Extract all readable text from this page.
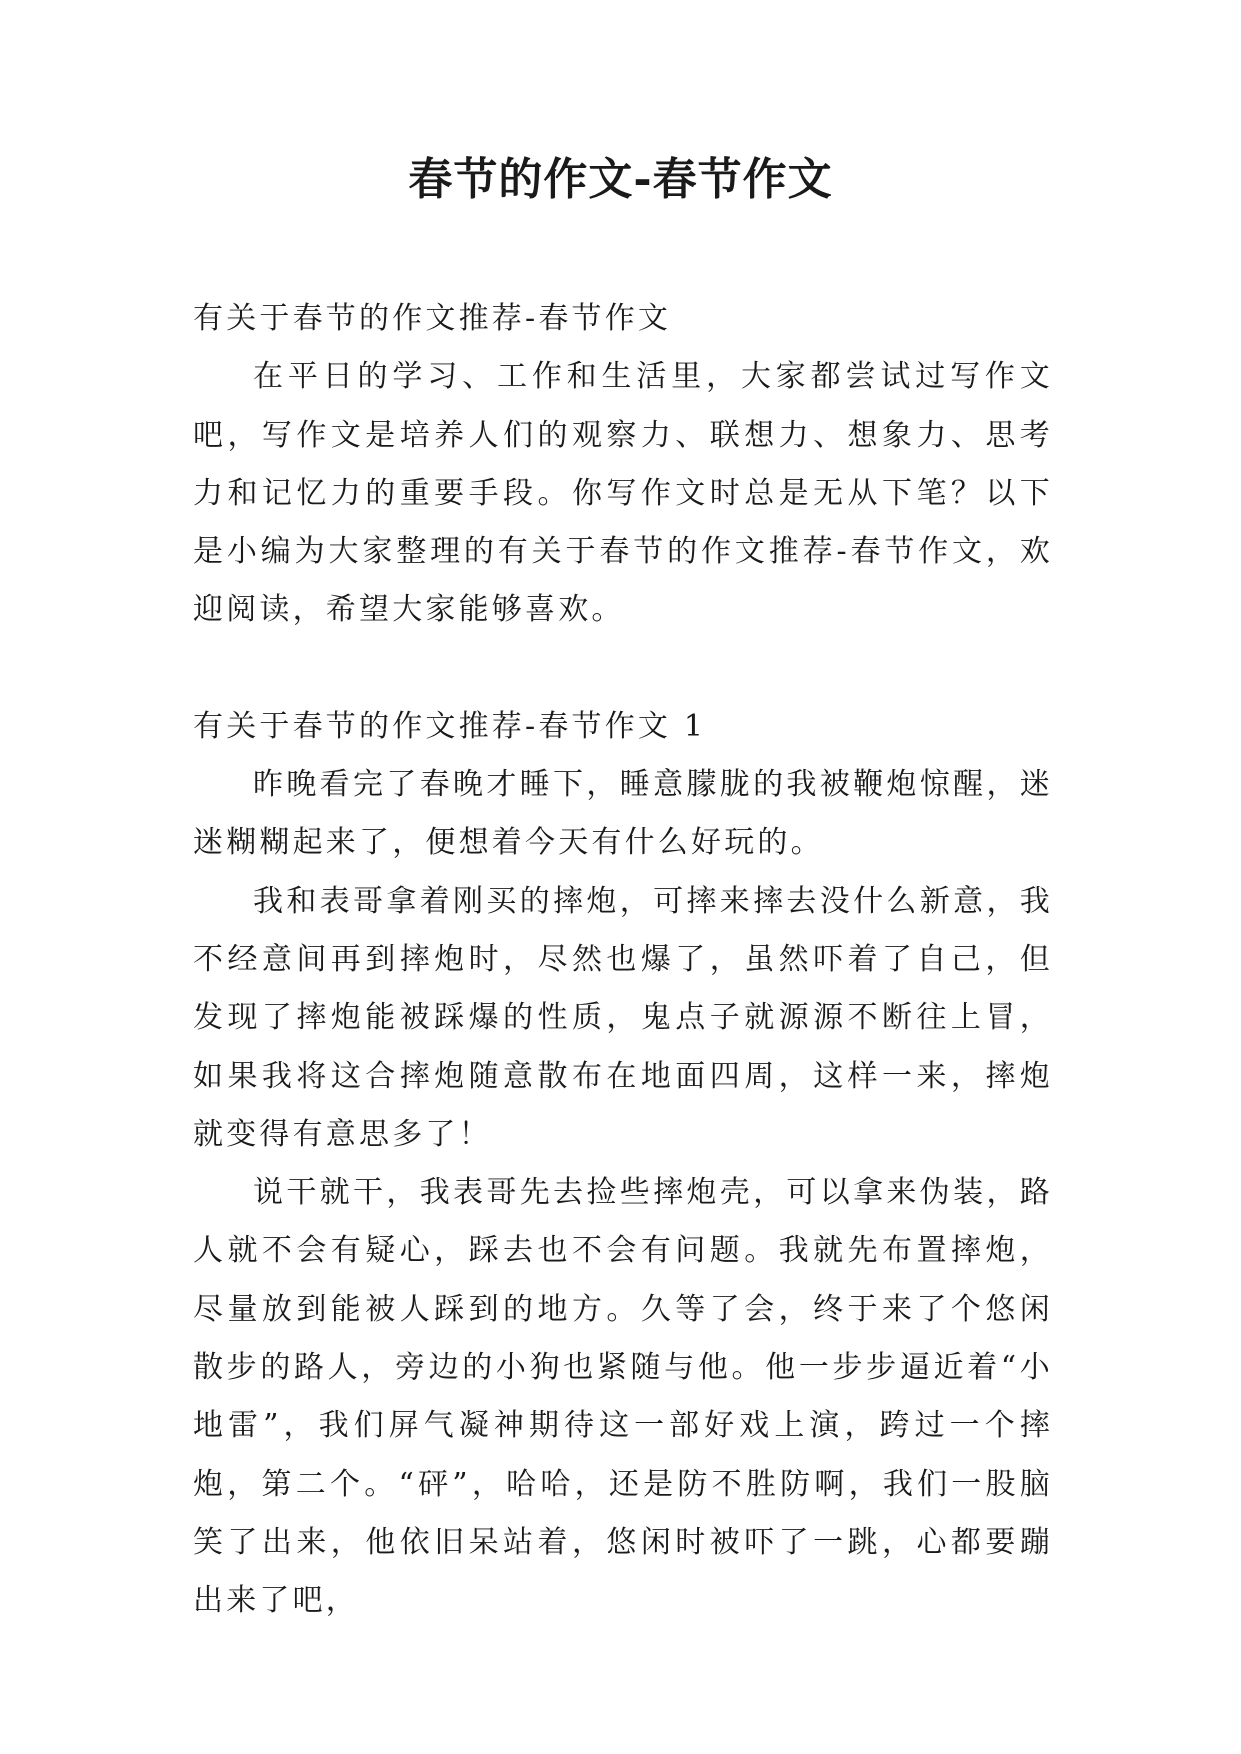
春节的作文-春节作文

有关于春节的作文推荐-春节作文

在平日的学习、工作和生活里，大家都尝试过写作文吧，写作文是培养人们的观察力、联想力、想象力、思考力和记忆力的重要手段。你写作文时总是无从下笔？以下是小编为大家整理的有关于春节的作文推荐-春节作文，欢迎阅读，希望大家能够喜欢。

有关于春节的作文推荐-春节作文 1

昨晚看完了春晚才睡下，睡意朦胧的我被鞭炮惊醒，迷迷糊糊起来了，便想着今天有什么好玩的。

我和表哥拿着刚买的摔炮，可摔来摔去没什么新意，我不经意间再到摔炮时，尽然也爆了，虽然吓着了自己，但发现了摔炮能被踩爆的性质，鬼点子就源源不断往上冒，如果我将这合摔炮随意散布在地面四周，这样一来，摔炮就变得有意思多了！

说干就干，我表哥先去捡些摔炮壳，可以拿来伪装，路人就不会有疑心，踩去也不会有问题。我就先布置摔炮，尽量放到能被人踩到的地方。久等了会，终于来了个悠闲散步的路人，旁边的小狗也紧随与他。他一步步逼近着“小地雷”，我们屏气凝神期待这一部好戏上演，跨过一个摔炮，第二个。“砰”，哈哈，还是防不胜防啊，我们一股脑笑了出来，他依旧呆站着，悠闲时被吓了一跳，心都要蹦出来了吧，
